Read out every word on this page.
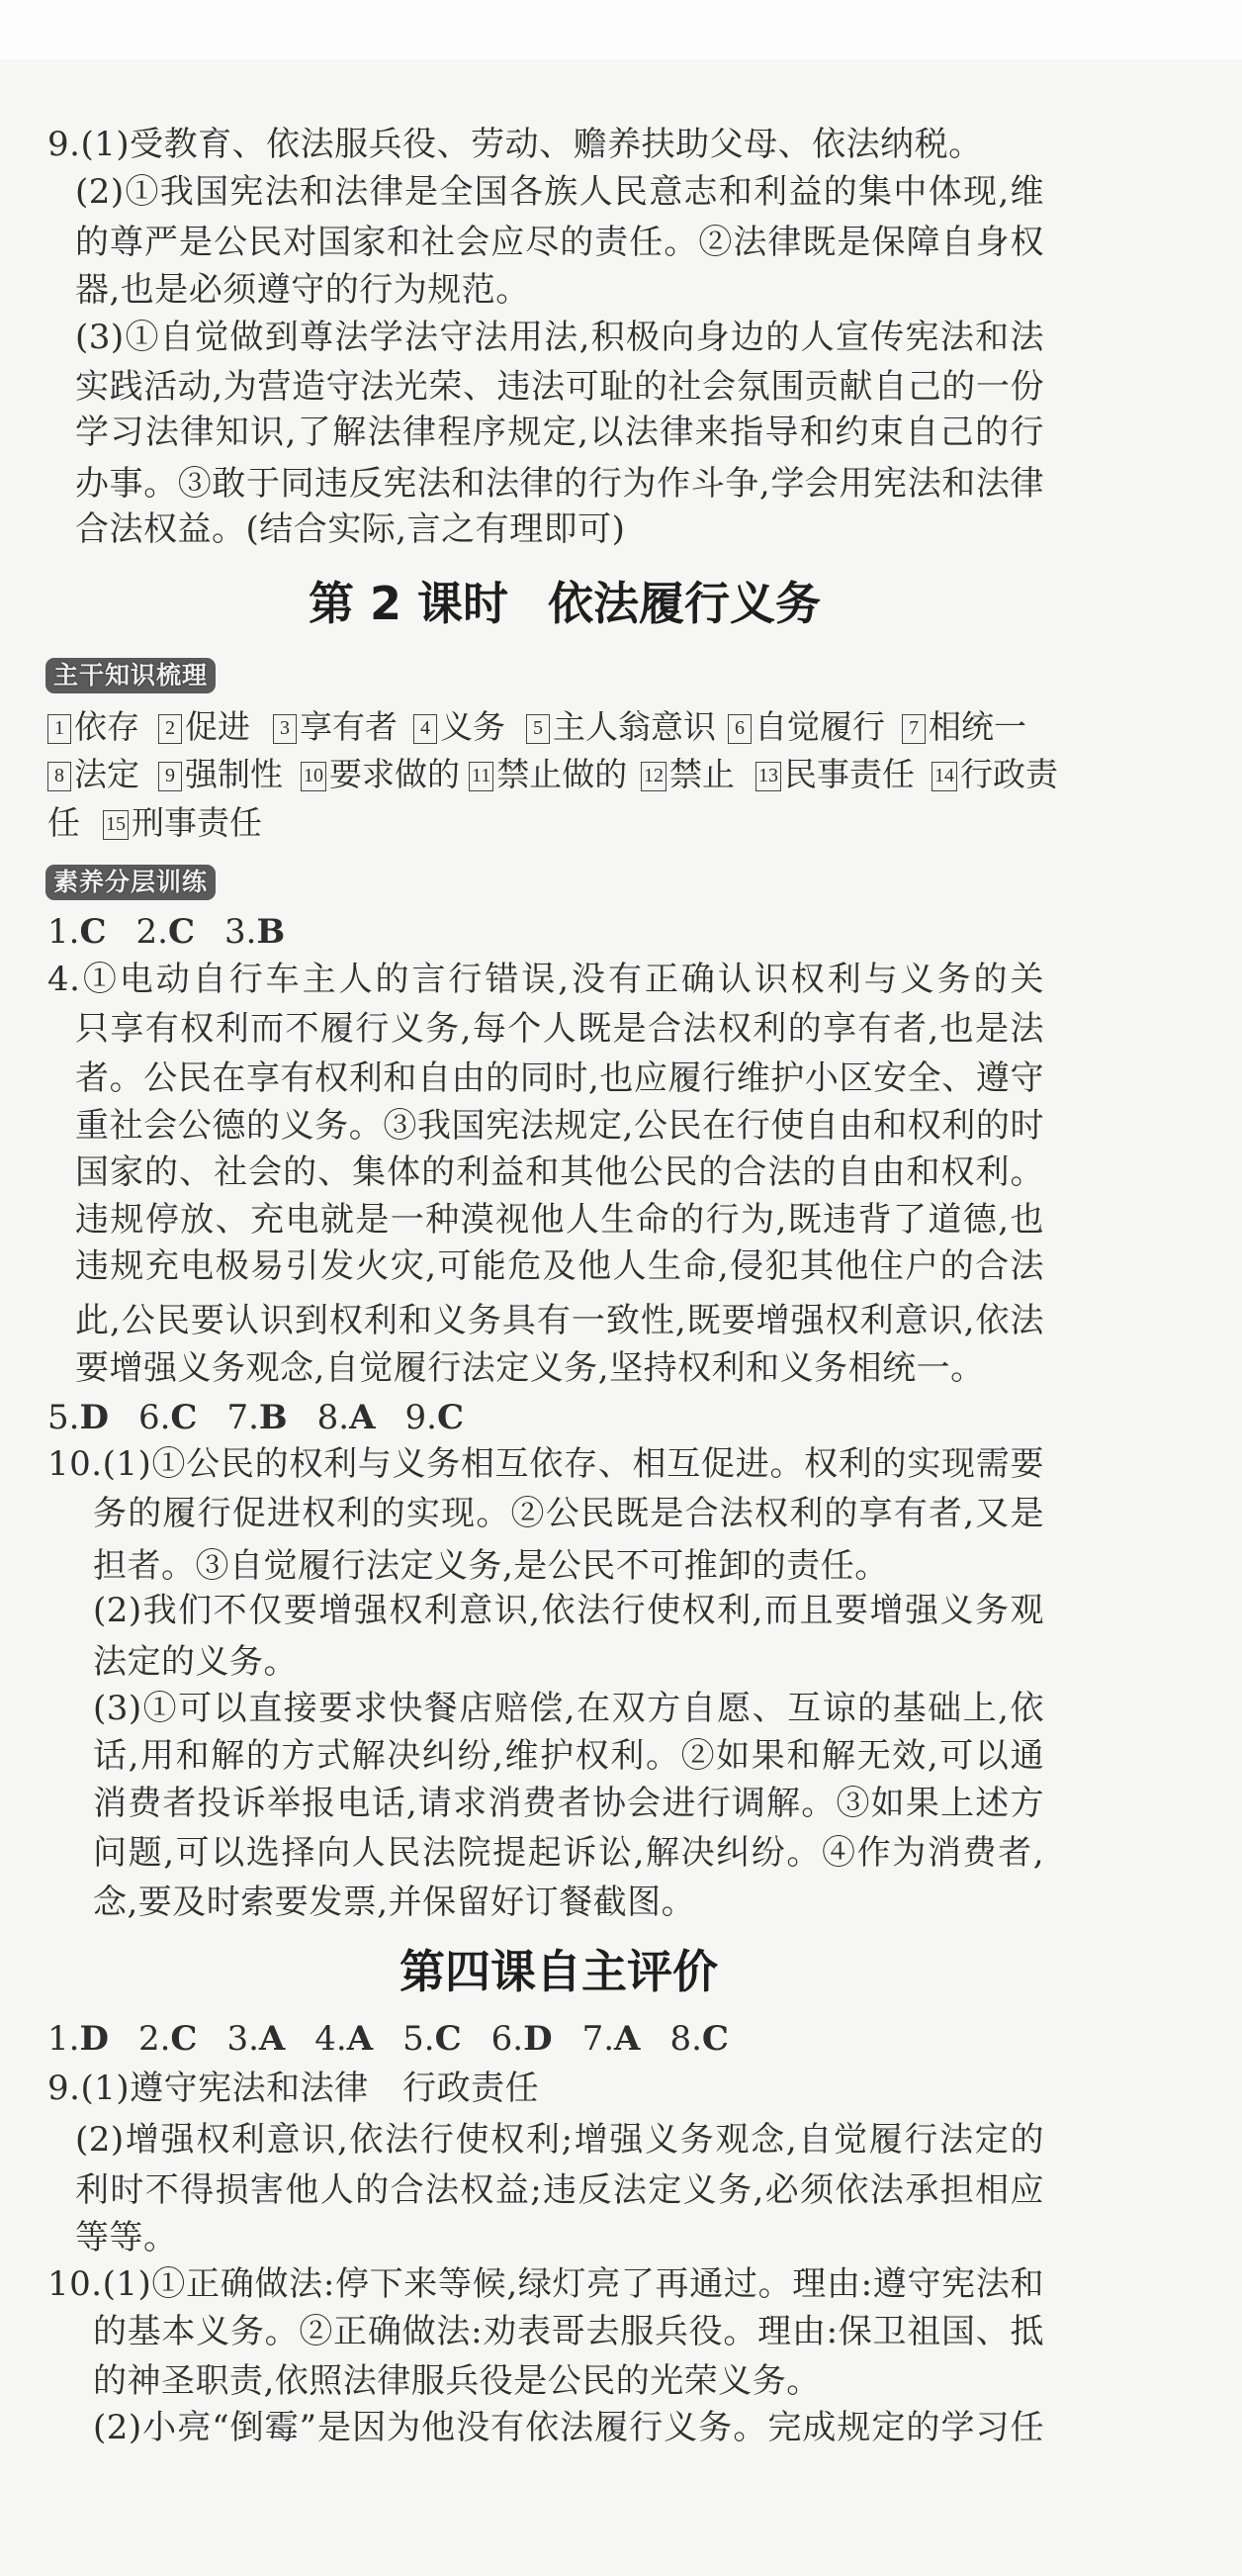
9.(1)受教育、依法服兵役、劳动、赡养扶助父母、依法纳税。
(2)①我国宪法和法律是全国各族人民意志和利益的集中体现,维
的尊严是公民对国家和社会应尽的责任。②法律既是保障自身权
器,也是必须遵守的行为规范。
(3)①自觉做到尊法学法守法用法,积极向身边的人宣传宪法和法
实践活动,为营造守法光荣、违法可耻的社会氛围贡献自己的一份
学习法律知识,了解法律程序规定,以法律来指导和约束自己的行
办事。③敢于同违反宪法和法律的行为作斗争,学会用宪法和法律
合法权益。(结合实际,言之有理即可)
第 2 课时 依法履行义务
主干知识梳理
1 依存	2 促进	3 享有者	4 义务	5 主人翁意识 6 自觉履行	7 相统一
8 法定	9 强制性 10 要求做的 11 禁止做的 12 禁止 13 民事责任 14 行政责
任 15 刑事责任
素养分层训练
1.C 2.C 3.B
4.①电动自行车主人的言行错误,没有正确认识权利与义务的关
只享有权利而不履行义务,每个人既是合法权利的享有者,也是法
者。公民在享有权利和自由的同时,也应履行维护小区安全、遵守
重社会公德的义务。③我国宪法规定,公民在行使自由和权利的时
国家的、社会的、集体的利益和其他公民的合法的自由和权利。
违规停放、充电就是一种漠视他人生命的行为,既违背了道德,也
违规充电极易引发火灾,可能危及他人生命,侵犯其他住户的合法
此,公民要认识到权利和义务具有一致性,既要增强权利意识,依法
要增强义务观念,自觉履行法定义务,坚持权利和义务相统一。
5.D 6.C 7.B 8.A 9.C
10.(1)①公民的权利与义务相互依存、相互促进。权利的实现需要
务的履行促进权利的实现。②公民既是合法权利的享有者,又是
担者。③自觉履行法定义务,是公民不可推卸的责任。
(2)我们不仅要增强权利意识,依法行使权利,而且要增强义务观
法定的义务。
(3)①可以直接要求快餐店赔偿,在双方自愿、互谅的基础上,依
话,用和解的方式解决纠纷,维护权利。②如果和解无效,可以通
消费者投诉举报电话,请求消费者协会进行调解。③如果上述方
问题,可以选择向人民法院提起诉讼,解决纠纷。④作为消费者,
念,要及时索要发票,并保留好订餐截图。
第四课自主评价
1.D 2.C 3.A 4.A 5.C 6.D 7.A 8.C
9.(1)遵守宪法和法律　行政责任
(2)增强权利意识,依法行使权利;增强义务观念,自觉履行法定的
利时不得损害他人的合法权益;违反法定义务,必须依法承担相应
等等。
10.(1)①正确做法:停下来等候,绿灯亮了再通过。理由:遵守宪法和
的基本义务。②正确做法:劝表哥去服兵役。理由:保卫祖国、抵
的神圣职责,依照法律服兵役是公民的光荣义务。
(2)小亮“倒霉”是因为他没有依法履行义务。完成规定的学习任
